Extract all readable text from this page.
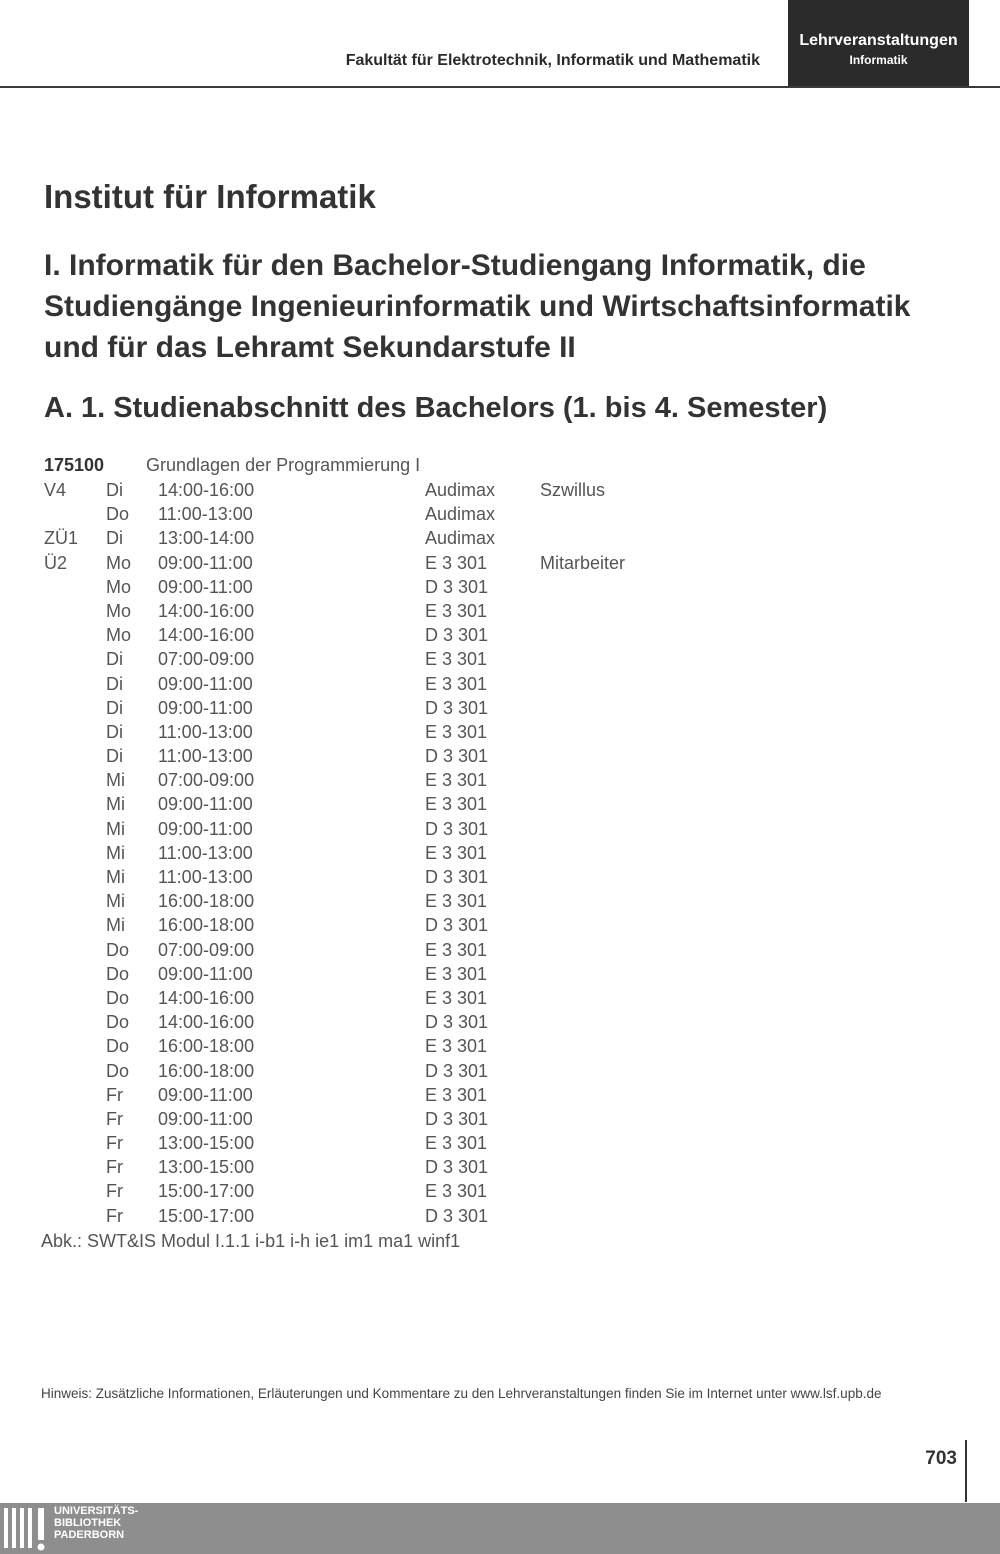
Fakultät für Elektrotechnik, Informatik und Mathematik
Lehrveranstaltungen
Informatik
Institut für Informatik
I. Informatik für den Bachelor-Studiengang Informatik, die Studiengänge Ingenieurinformatik und Wirtschaftsinformatik und für das Lehramt Sekundarstufe II
A. 1. Studienabschnitt des Bachelors (1. bis 4. Semester)
175100 Grundlagen der Programmierung I
V4 Di 14:00-16:00	Audimax Szwillus
Do 11:00-13:00	Audimax
ZÜ1 Di 13:00-14:00	Audimax
Ü2 Mo 09:00-11:00	E 3 301	Mitarbeiter
Mo 09:00-11:00	D 3 301
Mo 14:00-16:00	E 3 301
Mo 14:00-16:00	D 3 301
Di 07:00-09:00	E 3 301
Di 09:00-11:00	E 3 301
Di 09:00-11:00	D 3 301
Di 11:00-13:00	E 3 301
Di 11:00-13:00	D 3 301
Mi 07:00-09:00	E 3 301
Mi 09:00-11:00	E 3 301
Mi 09:00-11:00	D 3 301
Mi 11:00-13:00	E 3 301
Mi 11:00-13:00	D 3 301
Mi 16:00-18:00	E 3 301
Mi 16:00-18:00	D 3 301
Do 07:00-09:00	E 3 301
Do 09:00-11:00	E 3 301
Do 14:00-16:00	E 3 301
Do 14:00-16:00	D 3 301
Do 16:00-18:00	E 3 301
Do 16:00-18:00	D 3 301
Fr 09:00-11:00	E 3 301
Fr 09:00-11:00	D 3 301
Fr 13:00-15:00	E 3 301
Fr 13:00-15:00	D 3 301
Fr 15:00-17:00	E 3 301
Fr 15:00-17:00	D 3 301
Abk.: SWT&IS Modul I.1.1 i-b1 i-h ie1 im1 ma1 winf1
Hinweis: Zusätzliche Informationen, Erläuterungen und Kommentare zu den Lehrveranstaltungen finden Sie im Internet unter www.lsf.upb.de
703
UNIVERSITÄTS-
BIBLIOTHEK
PADERBORN
